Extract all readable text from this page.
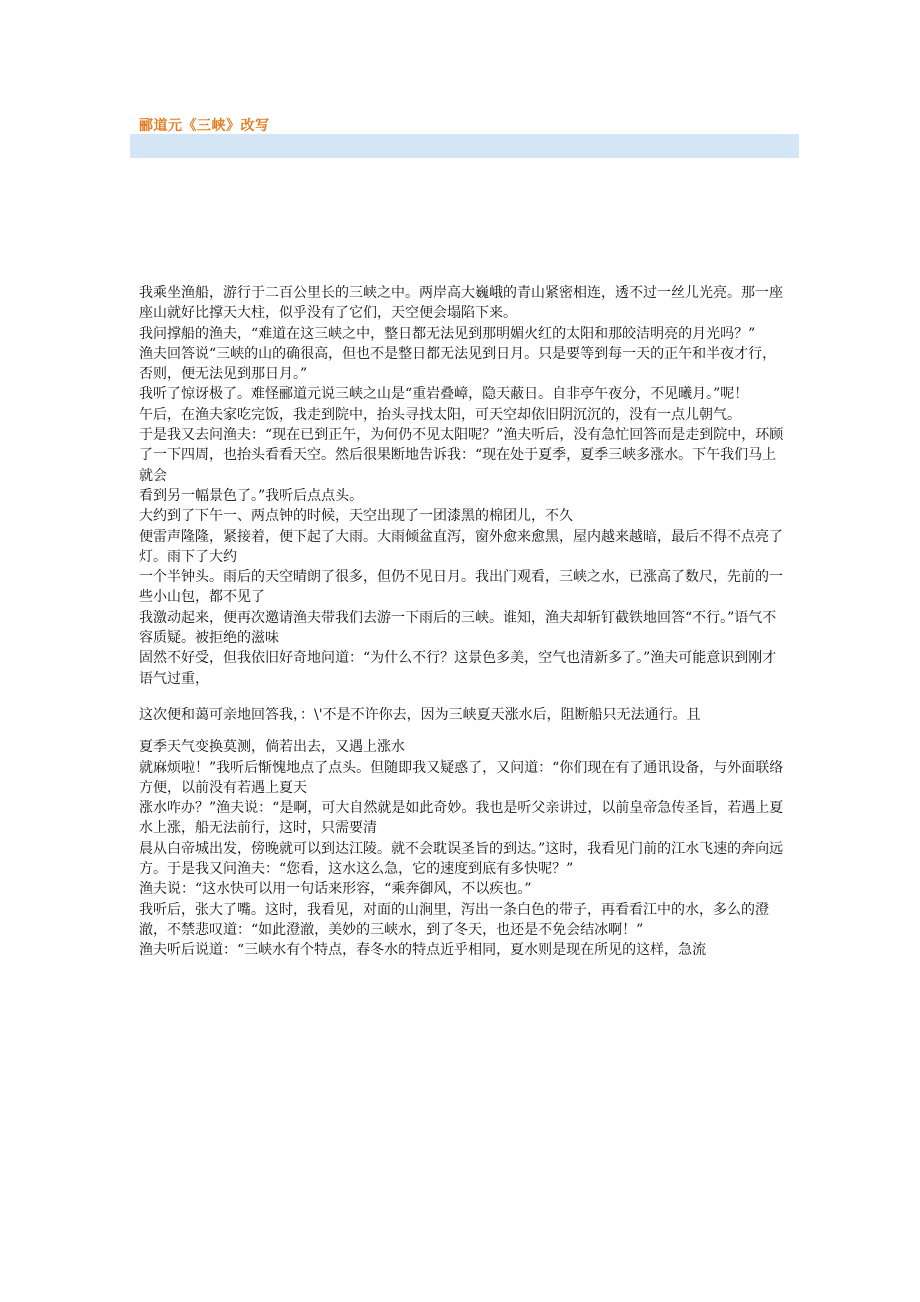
郦道元《三峡》改写

我乘坐渔船，游行于二百公里长的三峡之中。两岸高大巍峨的青山紧密相连，透不过一丝儿光亮。那一座座山就好比撑天大柱，似乎没有了它们，天空便会塌陷下来。

我问撑船的渔夫，“难道在这三峡之中，整日都无法见到那明媚火红的太阳和那皎洁明亮的月光吗？”

渔夫回答说“三峡的山的确很高，但也不是整日都无法见到日月。只是要等到每一天的正午和半夜才行，否则，便无法见到那日月。”

我听了惊讶极了。难怪郦道元说三峡之山是“重岩叠嶂，隐天蔽日。自非亭午夜分，不见曦月。”呢！

午后，在渔夫家吃完饭，我走到院中，抬头寻找太阳，可天空却依旧阴沉沉的，没有一点儿朝气。

于是我又去问渔夫：“现在已到正午，为何仍不见太阳呢？”渔夫听后，没有急忙回答而是走到院中，环顾

了一下四周，也抬头看看天空。然后很果断地告诉我：“现在处于夏季，夏季三峡多涨水。下午我们马上就会

看到另一幅景色了。”我听后点点头。

大约到了下午一、两点钟的时候，天空出现了一团漆黑的棉团儿，不久

便雷声隆隆，紧接着，便下起了大雨。大雨倾盆直泻，窗外愈来愈黑，屋内越来越暗，最后不得不点亮了灯。雨下了大约

一个半钟头。雨后的天空晴朗了很多，但仍不见日月。我出门观看，三峡之水，已涨高了数尺，先前的一些小山包，都不见了

我激动起来，便再次邀请渔夫带我们去游一下雨后的三峡。谁知，渔夫却斩钉截铁地回答“不行。”语气不容质疑。被拒绝的滋味

固然不好受，但我依旧好奇地问道：“为什么不行？这景色多美，空气也清新多了。”渔夫可能意识到刚才语气过重，

这次便和蔼可亲地回答我，：\'不是不许你去，因为三峡夏天涨水后，阻断船只无法通行。且

夏季天气变换莫测，倘若出去，又遇上涨水

就麻烦啦！”我听后惭愧地点了点头。但随即我又疑惑了，又问道：“你们现在有了通讯设备，与外面联络方便，以前没有若遇上夏天

涨水咋办？”渔夫说：“是啊，可大自然就是如此奇妙。我也是听父亲讲过，以前皇帝急传圣旨，若遇上夏水上涨，船无法前行，这时，只需要清

晨从白帝城出发，傍晚就可以到达江陵。就不会耽误圣旨的到达。”这时，我看见门前的江水飞速的奔向远方。于是我又问渔夫：“您看，这水这么急，它的速度到底有多快呢？”

渔夫说：“这水快可以用一句话来形容，“乘奔御风，不以疾也。”

我听后，张大了嘴。这时，我看见，对面的山涧里，泻出一条白色的带子，再看看江中的水，多么的澄澈，不禁悲叹道：“如此澄澈，美妙的三峡水，到了冬天，也还是不免会结冰啊！”

渔夫听后说道：“三峡水有个特点，春冬水的特点近乎相同，夏水则是现在所见的这样，急流
